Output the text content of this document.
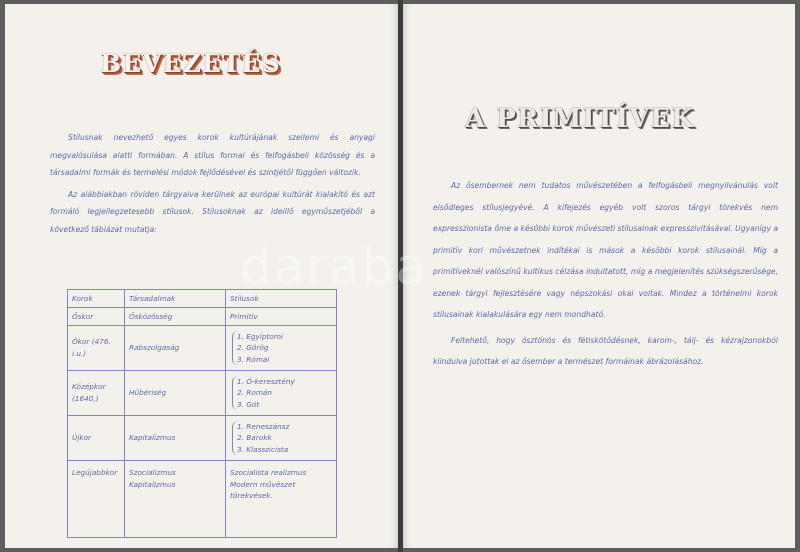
BEVEZETÉS

Stílusnak nevezhető egyes korok kultúrájának szellemi és anyagi megvalósulása alatti formában. A stílus formai és felfogásbeli közösség és a társadalmi formák és termelési módok fejlődésével és szintjétől függően változik.

Az alábbiakban röviden tárgyalva kerülnek az európai kultúrát kialakító és azt formáló legjellegzetesebb stílusok. Stílusoknak az ideillő egyműszetjéből a következő táblázat mutatja:

Korok	Társadalmak	Stílusok
Őskor	Ősközösség	Primitív
Ókor (476. i.u.)	Rabszolgaság	1. Egyiptomi
2. Görög
3. Római

Középkor (1640.)	Hűbériség	1. Ó-keresztény
2. Román
3. Gót

Újkor	Kapitalizmus	1. Reneszánsz
2. Barokk
3. Klasszicista

Legújabbkor	Szocializmus Kapitalizmus	Szocialista realizmus
Modern művészet törekvések.
A PRIMITÍVEK

Az ősembernek nem tudatos művészetében a felfogásbeli megnyilvánulás volt elsődleges stílusjegyévé. A kifejezés egyéb volt szoros tárgyi törekvés nem expresszionista őme a későbbi korok művészeti stílusainak expresszivitásával. Ugyanígy a primitív kori művészetnek indítékai is mások a későbbi korok stílusainál. Míg a primitíveknél valószínű kultikus célzása indultatott, míg a megjelenítés szükségszerűsége, ezenek tárgyi fejlesztésére vagy népszokási okai voltak. Mindez a történelmi korok stílusainak kialakulására egy nem mondható.

Feltehető, hogy ösztönös és fétiskötődésnek, karom-, tálj- és kézrajzonokból kiindulva jutottak el az ősember a természet formáinak ábrázolásához.

daraba
